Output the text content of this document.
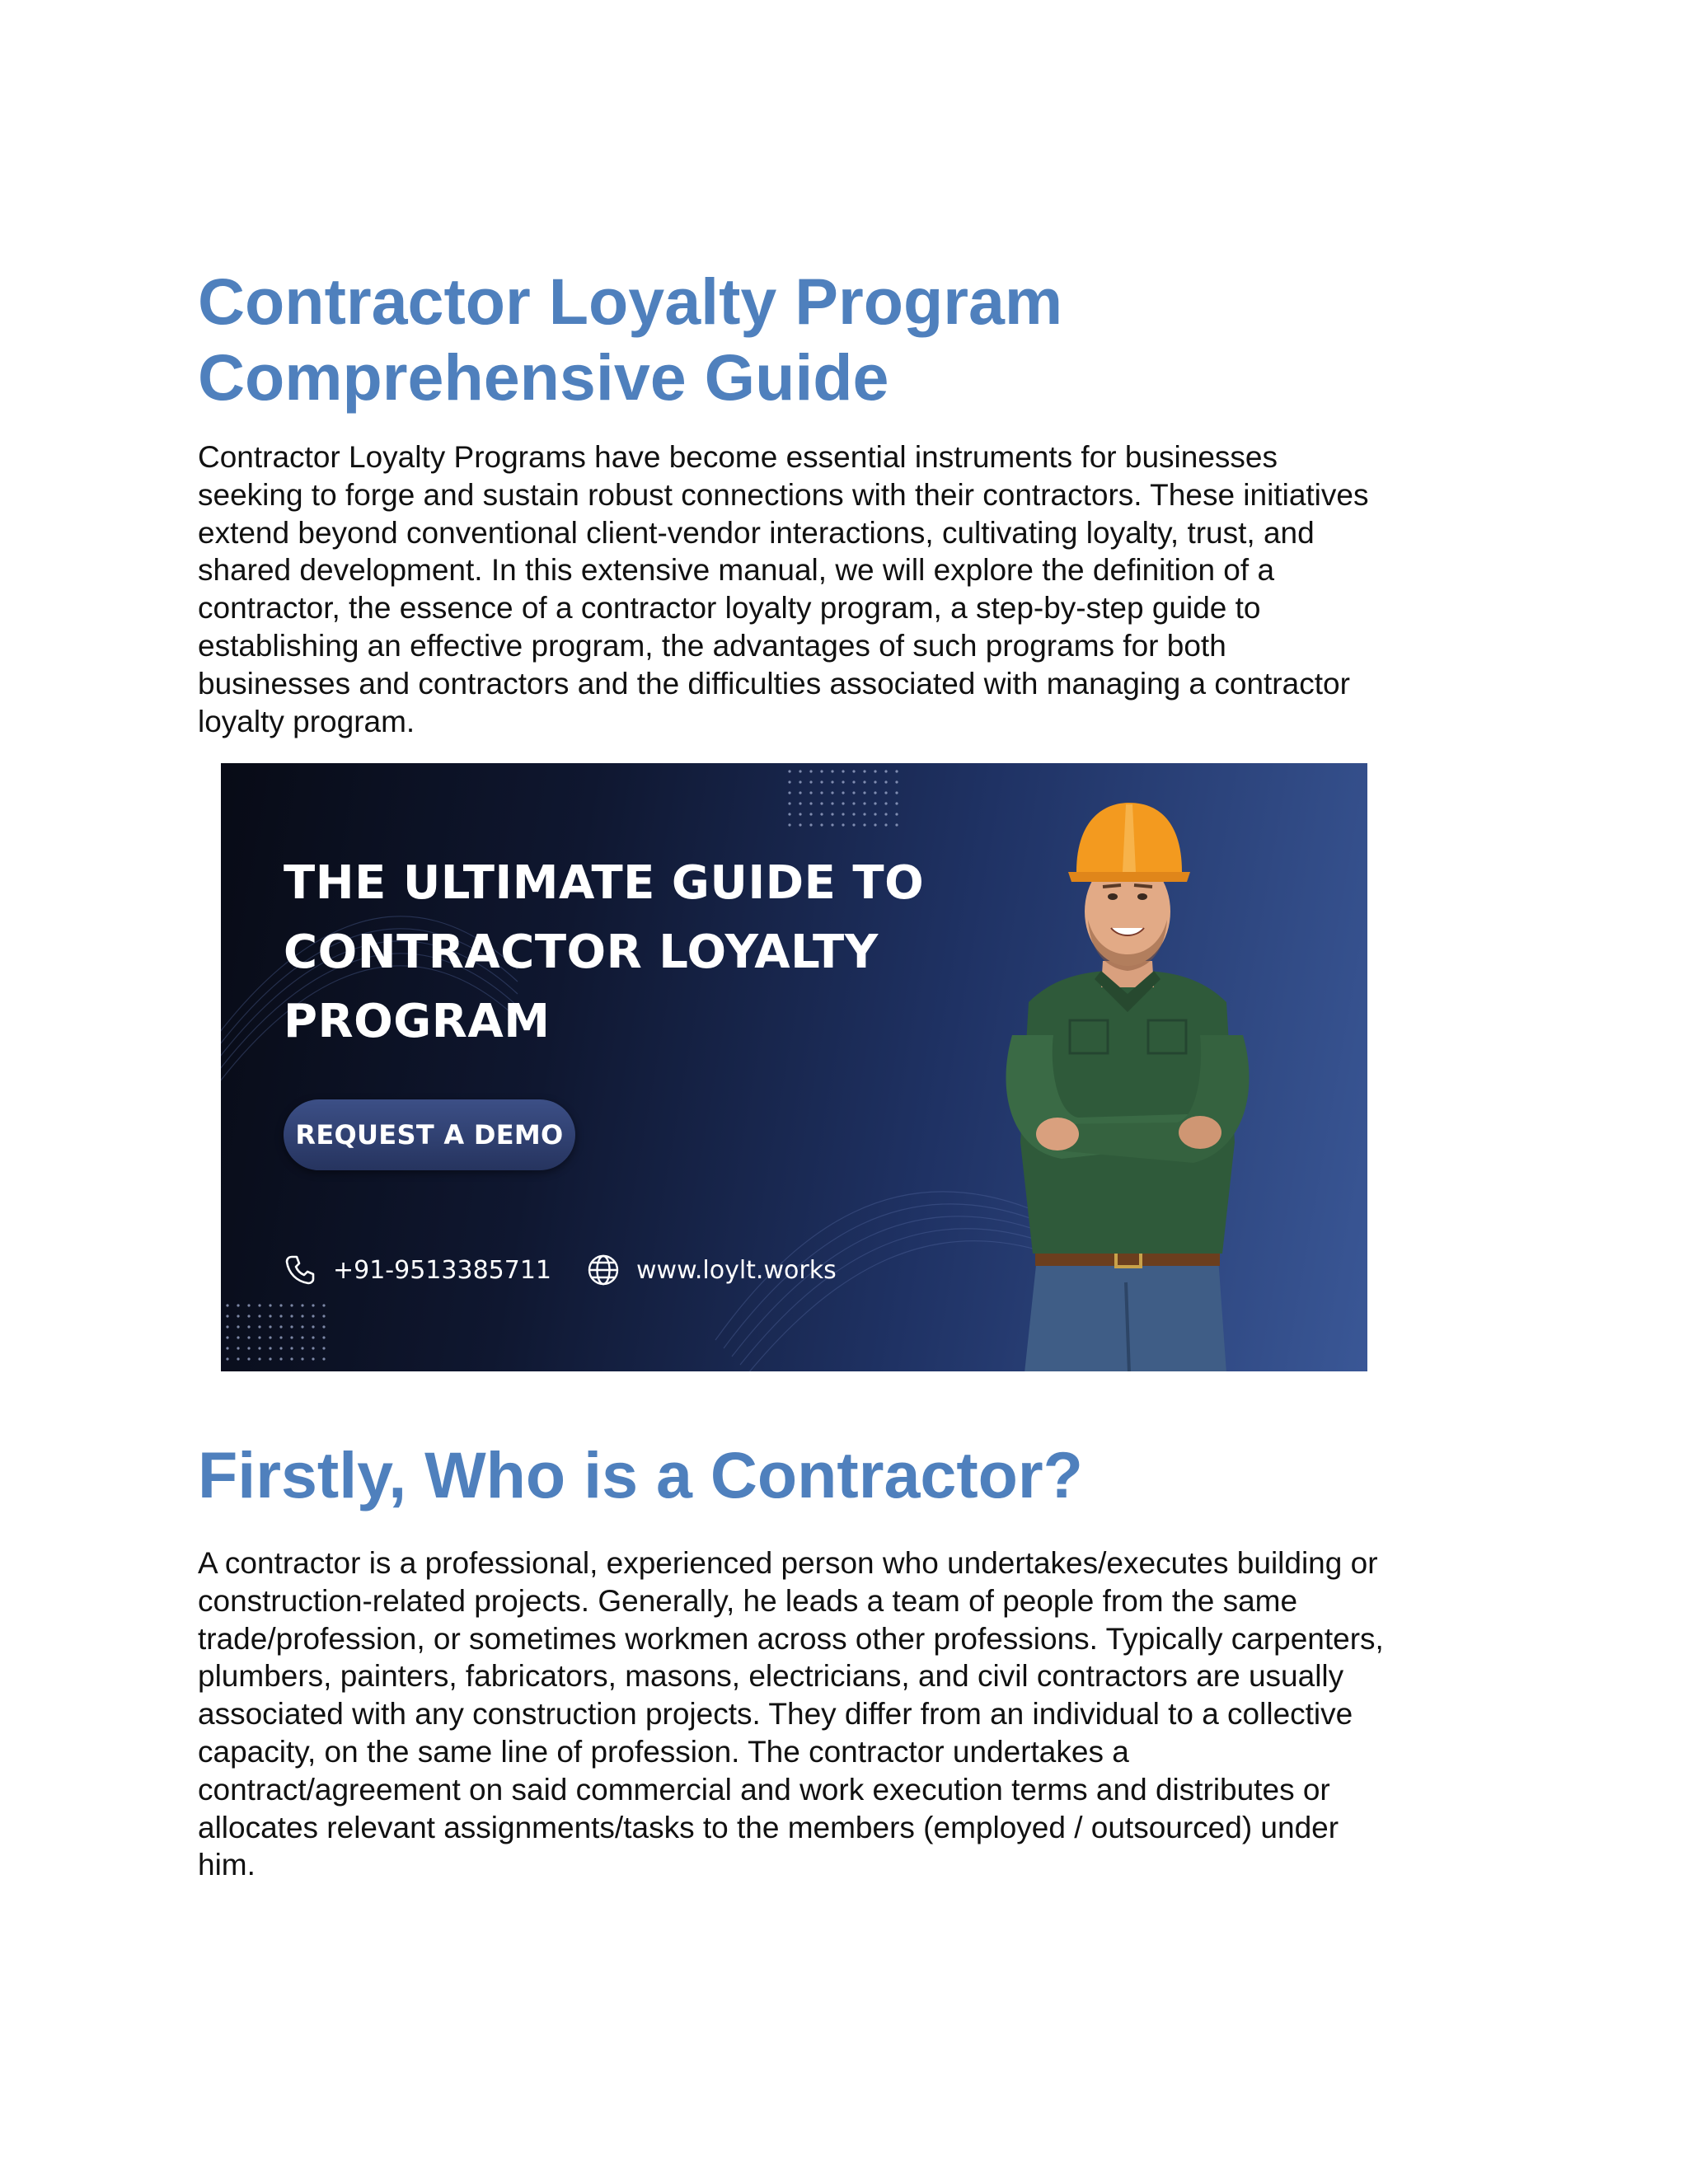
Contractor Loyalty Program
Comprehensive Guide

Contractor Loyalty Programs have become essential instruments for businesses
seeking to forge and sustain robust connections with their contractors. These initiatives
extend beyond conventional client-vendor interactions, cultivating loyalty, trust, and
shared development. In this extensive manual, we will explore the definition of a
contractor, the essence of a contractor loyalty program, a step-by-step guide to
establishing an effective program, the advantages of such programs for both
businesses and contractors and the difficulties associated with managing a contractor
loyalty program.

THE ULTIMATE GUIDE TO
CONTRACTOR LOYALTY
PROGRAM
REQUEST A DEMO
+91-9513385711	www.loylt.works
Firstly, Who is a Contractor?

A contractor is a professional, experienced person who undertakes/executes building or
construction-related projects. Generally, he leads a team of people from the same
trade/profession, or sometimes workmen across other professions. Typically carpenters,
plumbers, painters, fabricators, masons, electricians, and civil contractors are usually
associated with any construction projects. They differ from an individual to a collective
capacity, on the same line of profession. The contractor undertakes a
contract/agreement on said commercial and work execution terms and distributes or
allocates relevant assignments/tasks to the members (employed / outsourced) under
him.
